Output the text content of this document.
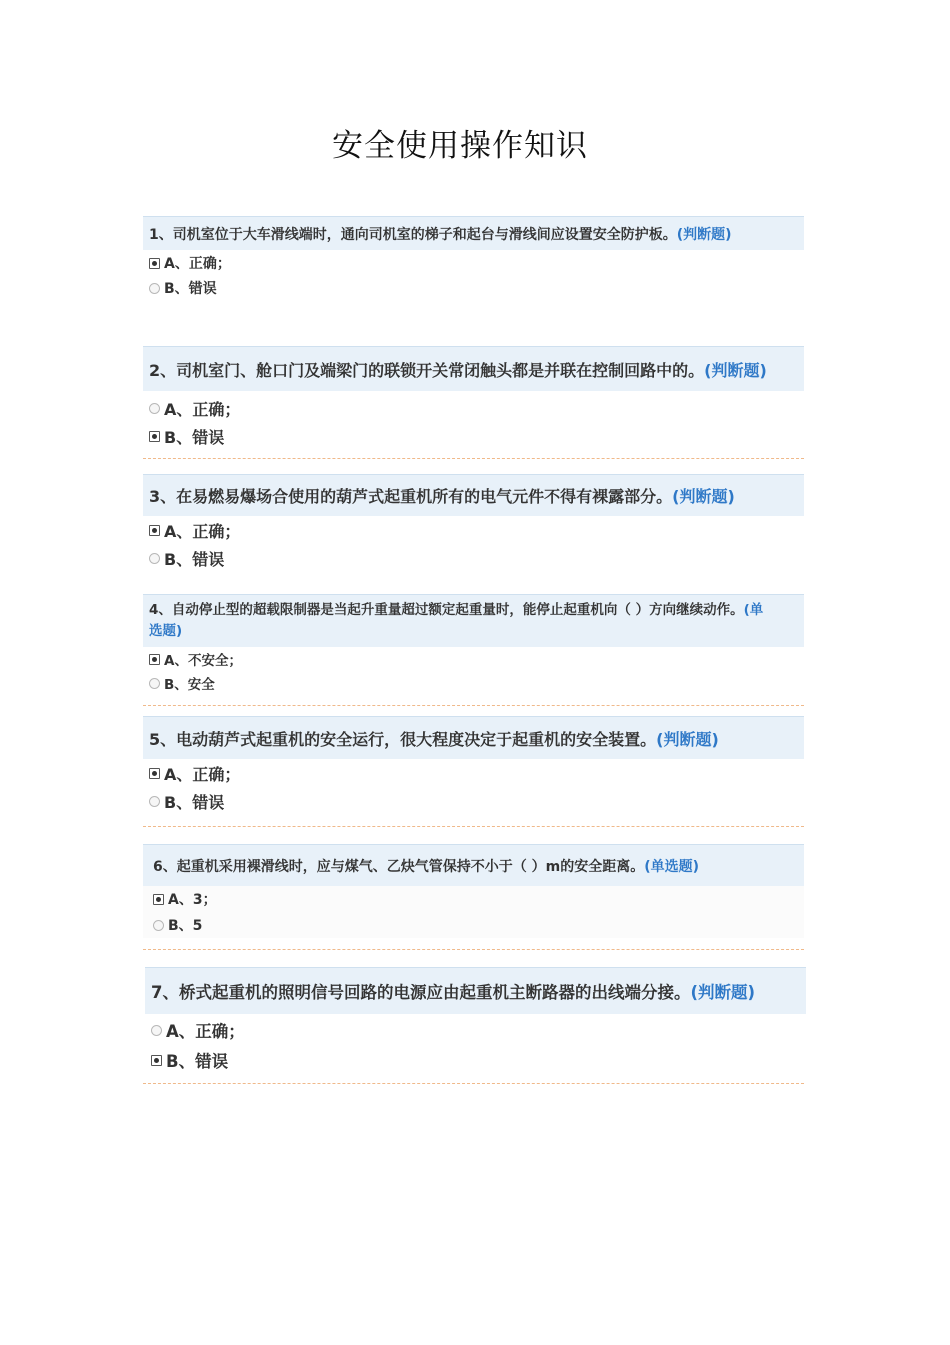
安全使用操作知识
1、司机室位于大车滑线端时，通向司机室的梯子和起台与滑线间应设置安全防护板。 (判断题)
A、正确；
B、错误
2、司机室门、舱口门及端梁门的联锁开关常闭触头都是并联在控制回路中的。 (判断题)
A、正确；
B、错误
3、在易燃易爆场合使用的葫芦式起重机所有的电气元件不得有裸露部分。 (判断题)
A、正确；
B、错误
4、自动停止型的超载限制器是当起升重量超过额定起重量时，能停止起重机向（ ）方向继续动作。 (单
选题)
A、不安全；
B、安全
5、电动葫芦式起重机的安全运行，很大程度决定于起重机的安全装置。 (判断题)
A、正确；
B、错误
6、起重机采用裸滑线时，应与煤气、乙炔气管保持不小于（ ）m的安全距离。 (单选题)
A、3；
B、5
7、桥式起重机的照明信号回路的电源应由起重机主断路器的出线端分接。 (判断题)
A、正确；
B、错误
